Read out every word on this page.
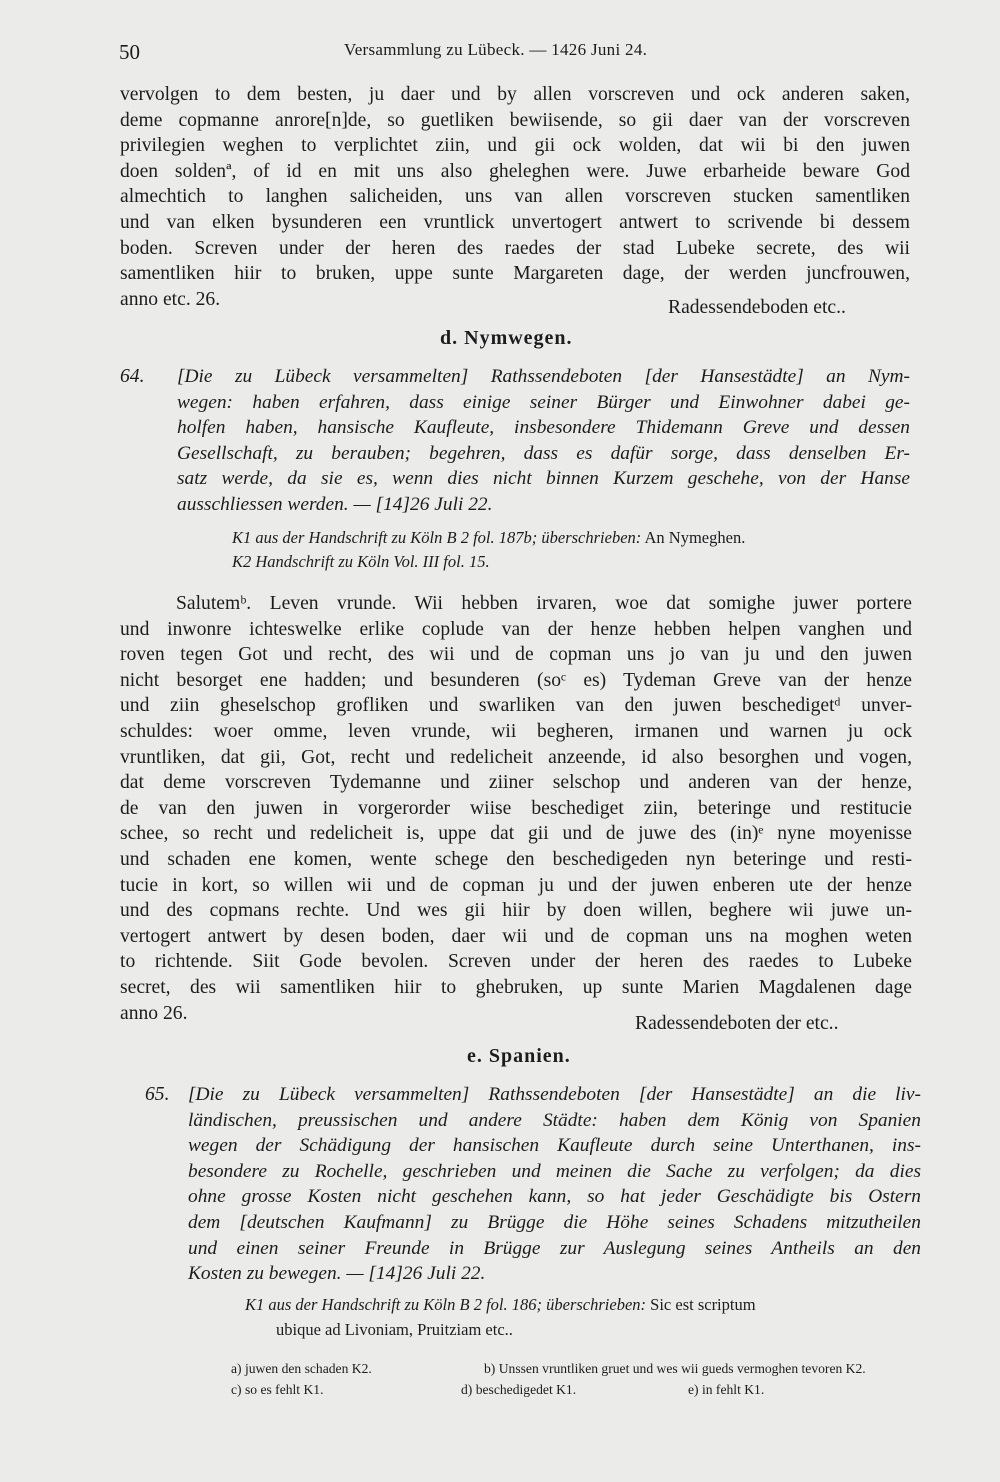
50	Versammlung zu Lübeck. — 1426 Juni 24.
vervolgen to dem besten, ju daer und by allen vorscreven und ock anderen saken,
deme copmanne anrore[n]de, so guetliken bewiisende, so gii daer van der vorscreven
privilegien weghen to verplichtet ziin, und gii ock wolden, dat wii bi den juwen
doen soldenª, of id en mit uns also gheleghen were. Juwe erbarheide beware God
almechtich to langhen salicheiden, uns van allen vorscreven stucken samentliken
und van elken bysunderen een vruntlick unvertogert antwert to scrivende bi dessem
boden. Screven under der heren des raedes der stad Lubeke secrete, des wii
samentliken hiir to bruken, uppe sunte Margareten dage, der werden juncfrouwen,
anno etc. 26.	Radessendeboden etc..
d. Nymwegen.
64. [Die zu Lübeck versammelten] Rathssendeboten [der Hansestädte] an Nym-
wegen: haben erfahren, dass einige seiner Bürger und Einwohner dabei ge-
holfen haben, hansische Kaufleute, insbesondere Thidemann Greve und dessen
Gesellschaft, zu berauben; begehren, dass es dafür sorge, dass denselben Er-
satz werde, da sie es, wenn dies nicht binnen Kurzem geschehe, von der Hanse
ausschliessen werden. — [14]26 Juli 22.
K1 aus der Handschrift zu Köln B 2 fol. 187b; überschrieben: An Nymeghen.
K2 Handschrift zu Köln Vol. III fol. 15.
Salutemᵇ. Leven vrunde. Wii hebben irvaren, woe dat somighe juwer portere
und inwonre ichteswelke erlike coplude van der henze hebben helpen vanghen und
roven tegen Got und recht, des wii und de copman uns jo van ju und den juwen
nicht besorget ene hadden; und besunderen (soᶜ es) Tydeman Greve van der henze
und ziin gheselschop grofliken und swarliken van den juwen beschedigetᵈ unver-
schuldes: woer omme, leven vrunde, wii begheren, irmanen und warnen ju ock
vruntliken, dat gii, Got, recht und redelicheit anzeende, id also besorghen und vogen,
dat deme vorscreven Tydemanne und ziiner selschop und anderen van der henze,
de van den juwen in vorgerorder wiise beschediget ziin, beteringe und restitucie
schee, so recht und redelicheit is, uppe dat gii und de juwe des (in)ᵉ nyne moyenisse
und schaden ene komen, wente schege den beschedigeden nyn beteringe und resti-
tucie in kort, so willen wii und de copman ju und der juwen enberen ute der henze
und des copmans rechte. Und wes gii hiir by doen willen, beghere wii juwe un-
vertogert antwert by desen boden, daer wii und de copman uns na moghen weten
to richtende. Siit Gode bevolen. Screven under der heren des raedes to Lubeke
secret, des wii samentliken hiir to ghebruken, up sunte Marien Magdalenen dage
anno 26.	Radessendeboten der etc..
e. Spanien.
65. [Die zu Lübeck versammelten] Rathssendeboten [der Hansestädte] an die liv-
ländischen, preussischen und andere Städte: haben dem König von Spanien
wegen der Schädigung der hansischen Kaufleute durch seine Unterthanen, ins-
besondere zu Rochelle, geschrieben und meinen die Sache zu verfolgen; da dies
ohne grosse Kosten nicht geschehen kann, so hat jeder Geschädigte bis Ostern
dem [deutschen Kaufmann] zu Brügge die Höhe seines Schadens mitzutheilen
und einen seiner Freunde in Brügge zur Auslegung seines Antheils an den
Kosten zu bewegen. — [14]26 Juli 22.
K1 aus der Handschrift zu Köln B 2 fol. 186; überschrieben: Sic est scriptum
ubique ad Livoniam, Pruitziam etc..
a) juwen den schaden K2.	b) Unssen vruntliken gruet und wes wii gueds vermoghen tevoren K2.
c) so es fehlt K1.	d) beschedigedet K1.	e) in fehlt K1.
